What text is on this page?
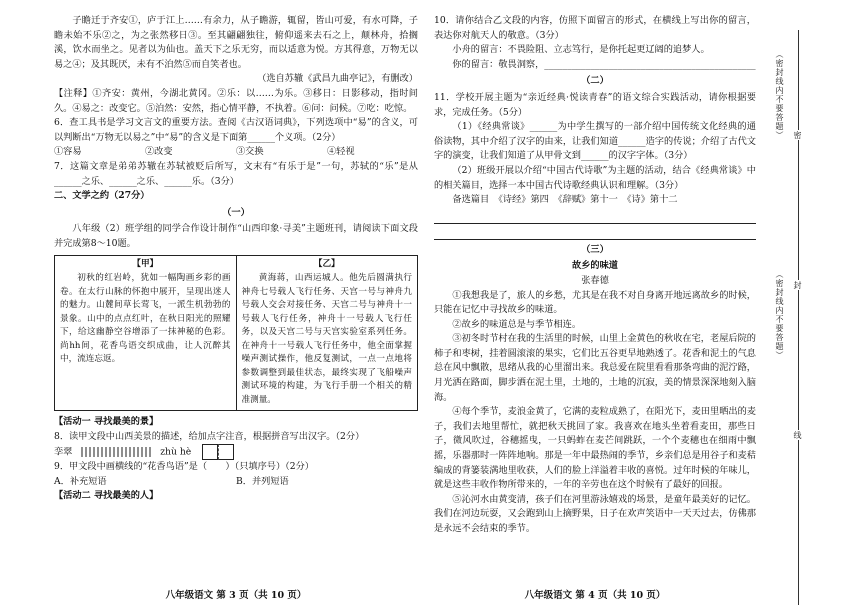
子瞻迁于齐安①，庐于江上……有余力，从子瞻游，辄留，皆山可爱，有水可降，子瞻未始不乐②之，为之张然移日③。至其翩翩独往，俯仰遥来去石之上，颠林舟，拾搁溪，饮水而坐之。见者以为仙也。盖天下之乐无穷，而以适意为悦。方其得意，万物无以易之④；及其既厌，未有不泊然⑤而自笑者也。

（选自苏辙《武昌九曲亭记》，有删改）

【注释】①齐安：黄州，今湖北黄冈。②乐：以……为乐。③移日：日影移动，指时间久。④易之：改变它。⑤泊然：安然，指心情平静，不执着。⑥问：问候。⑦吃：吃惊。

6．查工具书是学习文言文的重要方法。查阅《古汉语词典》，下列选项中“易”的含义，可以判断出“万物无以易之”中“易”的含义是下面第______个义项。（2分）

①容易	②改变	③交换	④轻视

7．这篇文章是弟弟苏辙在苏轼被贬后所写，文末有“有乐于是”一句，苏轼的“乐”是从______之乐、______之乐、______乐。（3分）

二、文学之约（27分）

（一）

八年级（2）班学组的同学合作设计制作“山西印象·寻美”主题班刊，请阅读下面文段并完成第8～10题。

【甲】

初秋的红岩岭，犹如一幅陶画乡彩的画卷。在太行山脉的怀抱中展开，呈现出迷人的魅力。山麓间草长莺飞，一派生机勃勃的景象。山中的点点红叶，在秋日阳光的照耀下，给这幽静空谷增添了一抹神秘的色彩。尚hh间，花香鸟语交织成曲，让人沉醉其中，流连忘返。

【乙】

黄海蒋，山西运城人。他先后圆满执行神舟七号载人飞行任务、天宫一号与神舟九号载人交会对接任务、天宫二号与神舟十一号载人飞行任务，神舟十一号载人飞行任务，以及天宫二号与天宫实验室系列任务。在神舟十一号载人飞行任务中，他全面掌握噪声测试操作，他反复测试，一点一点地将参数调整到最佳状态，最终实现了飞船噪声测试环境的构建，为飞行手册一个相关的精准测量。

【活动一 寻找最美的景】

8．读甲文段中山西美景的描述，给加点字注音，根据拼音写出汉字。（2分）

孪翠	zhù hè

9．甲文段中画横线的“花香鸟语”是（　　）（只填序号）（2分）

A．补充短语	B．并列短语

【活动二 寻找最美的人】

八年级语文 第 3 页（共 10 页）

10．请你结合乙文段的内容，仿照下面留言的形式，在横线上写出你的留言，表达你对航天人的敬意。（3分）

小舟的留言：不畏险阻、立志笃行，是你托起更辽阔的追梦人。

你的留言：敬畏洞察，______________________________________________

（二）

11．学校开展主题为“亲近经典·悦读青春”的语文综合实践活动，请你根据要求，完成任务。（5分）

（1）《经典常谈》______为中学生撰写的一部介绍中国传统文化经典的通俗读物，其中介绍了汉字的由来，让我们知道______造字的传说；介绍了古代文字的演变，让我们知道了从甲骨文到______的汉字字体。（3分）

（2）班级开展以介绍“中国古代诗歌”为主题的活动，结合《经典常谈》中的相关篇目，选择一本中国古代诗歌经典认识和理解。（3分）

备选篇目　《诗经》第四　《辞赋》第十一　《诗》第十二

（三）

故乡的味道

张春德

①我想我是了，旅人的乡愁，尤其是在我不对自身离开地远离故乡的时候，只能在记忆中寻找故乡的味道。

②故乡的味道总是与季节相连。

③初冬时节村在我的生活里的时候，山里上金黄色的秋收在宅，老屋后院的柿子和枣树，挂着圆滚滚的果实，它们比五谷更早地熟透了。花香和泥土的气息总在风中飘散，思绪从我的心里溜出来。我总爱在院里看看那条弯曲的泥泞路，月光洒在路面，脚步洒在泥土里，土地的，土地的沉寂，美的情景深深地刻入脑海。

④每个季节，麦浪金黄了，它满的麦粒成熟了，在阳光下，麦田里晒出的麦子，我们去地里帮忙，就把秋天挑回了家。我喜欢在地头坐着看麦田，那些日子，微风吹过，谷穗摇曳，一只蚂蚱在麦芒间跳跃，一个个麦穗也在细雨中飘摇，乐器那时一阵阵地响。那是一年中最热闹的季节，乡亲们总是用谷子和麦秸编成的背篓装满地里收获，人们的脸上洋溢着丰收的喜悦。过年时候的年味儿，就是这些丰收作物所带来的，一年的辛劳也在这个时候有了最好的回报。

⑤沁河水由黄变清，孩子们在河里游泳嬉戏的场景，是童年最美好的记忆。我们在河边玩耍，又会跑到山上摘野果，日子在欢声笑语中一天天过去，仿佛那是永远不会结束的季节。

八年级语文 第 4 页（共 10 页）
（密封线内不要答题）
（密封线内不要答题）
密
封
线
